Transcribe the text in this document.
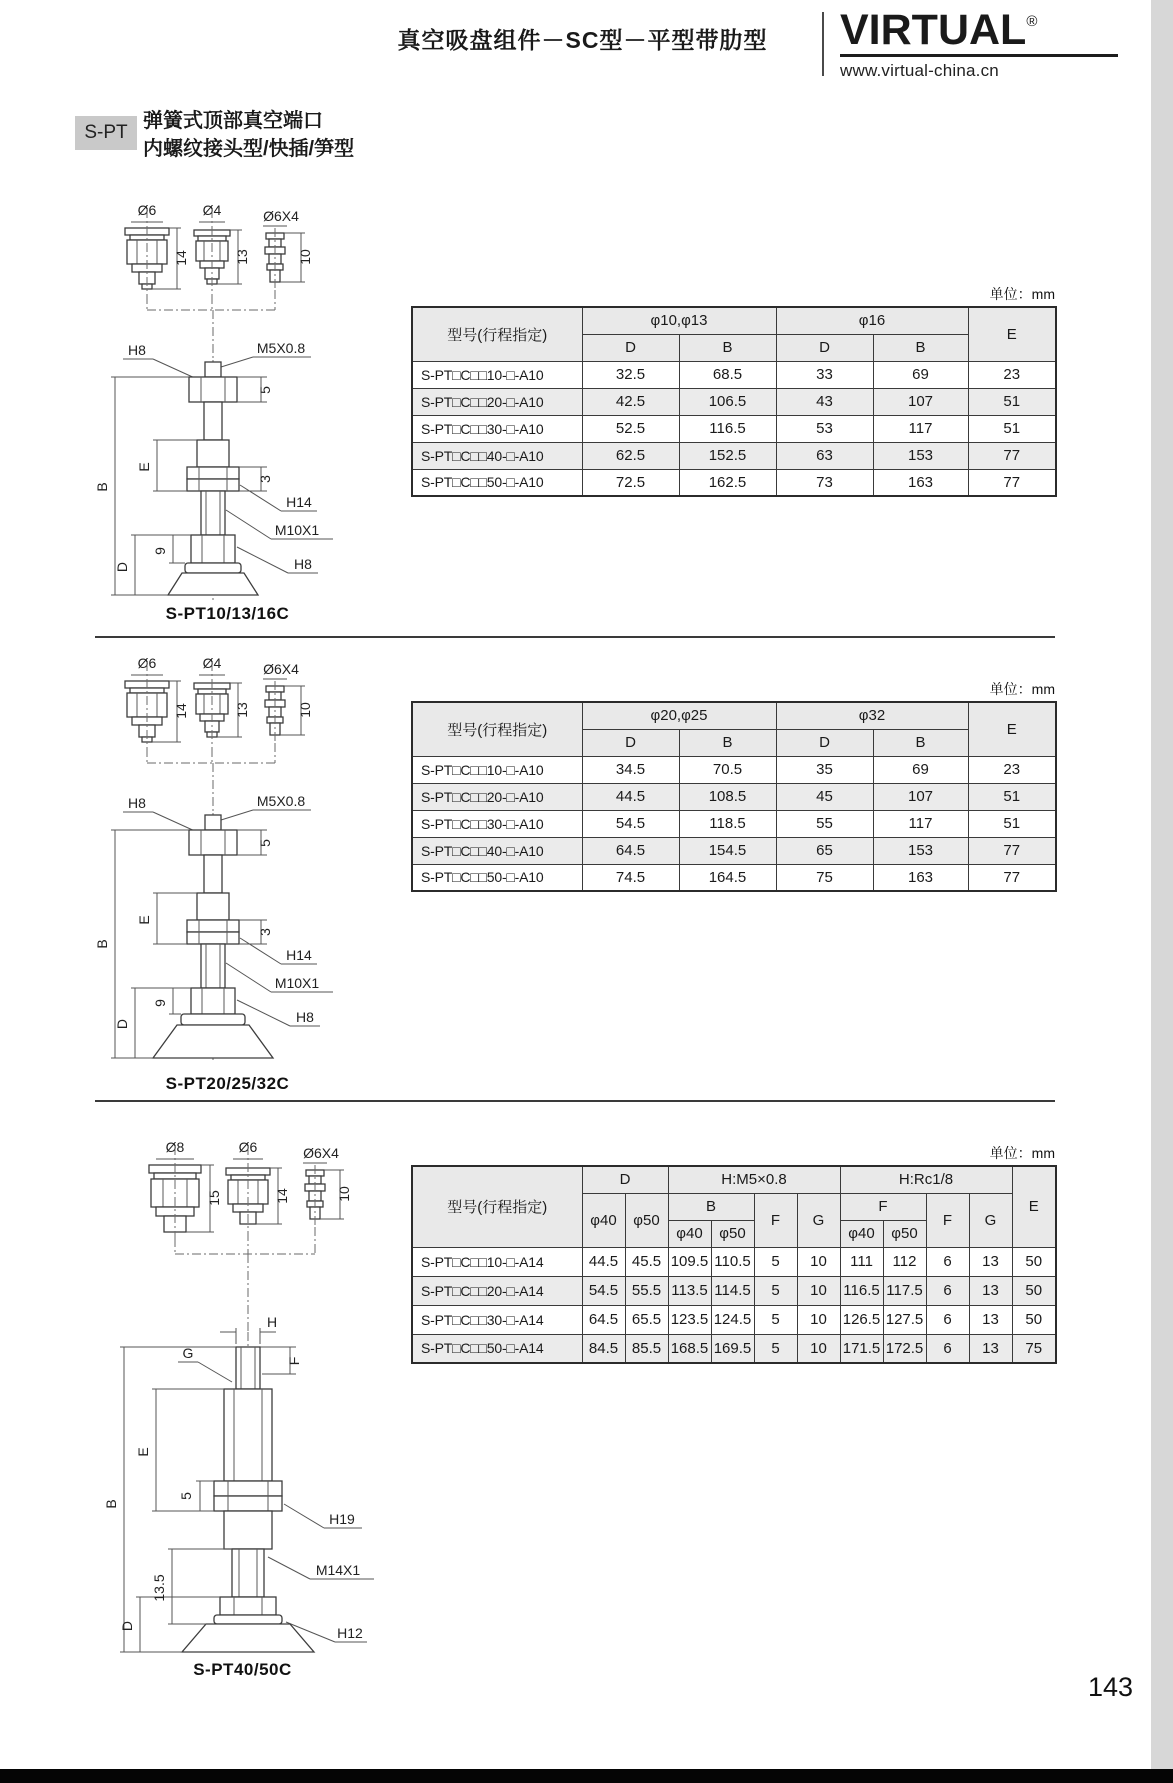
真空吸盘组件－SC型－平型带肋型	VIRTUAL®
www.virtual-china.cn
S-PT
弹簧式顶部真空端口
内螺纹接头型/快插/笋型
Ø6
14
Ø4
13
Ø6X4
10
H8	M5X0.8
5
3
H14
M10X1
H8
B
E
D
9
S-PT10/13/16C
单位：mm
型号(行程指定)	φ10,φ13		φ16		E
	D	B	D	B	
S-PT□C□□10-□-A10	32.5	68.5	33	69	23
S-PT□C□□20-□-A10	42.5	106.5	43	107	51
S-PT□C□□30-□-A10	52.5	116.5	53	117	51
S-PT□C□□40-□-A10	62.5	152.5	63	153	77
S-PT□C□□50-□-A10	72.5	162.5	73	163	77
Ø6
14
Ø4
13
Ø6X4
10
H8	M5X0.8
5
3
H14
M10X1
H8
B
E
D
9
S-PT20/25/32C
单位：mm
型号(行程指定)	φ20,φ25		φ32		E
	D	B	D	B	
S-PT□C□□10-□-A10	34.5	70.5	35	69	23
S-PT□C□□20-□-A10	44.5	108.5	45	107	51
S-PT□C□□30-□-A10	54.5	118.5	55	117	51
S-PT□C□□40-□-A10	64.5	154.5	65	153	77
S-PT□C□□50-□-A10	74.5	164.5	75	163	77
Ø8
15
Ø6
14
Ø6X4
10
H
G	F
5
H19
M14X1
H12
B
E
D
13.5
S-PT40/50C
单位：mm
型号(行程指定)	D		H:M5×0.8				H:Rc1/8				E
	φ40	φ50	B		F	G	F		F	G	
			φ40	φ50			φ40	φ50			
S-PT□C□□10-□-A14	44.5	45.5	109.5	110.5	5	10	111	112	6	13	50
S-PT□C□□20-□-A14	54.5	55.5	113.5	114.5	5	10	116.5	117.5	6	13	50
S-PT□C□□30-□-A14	64.5	65.5	123.5	124.5	5	10	126.5	127.5	6	13	50
S-PT□C□□50-□-A14	84.5	85.5	168.5	169.5	5	10	171.5	172.5	6	13	75
143
